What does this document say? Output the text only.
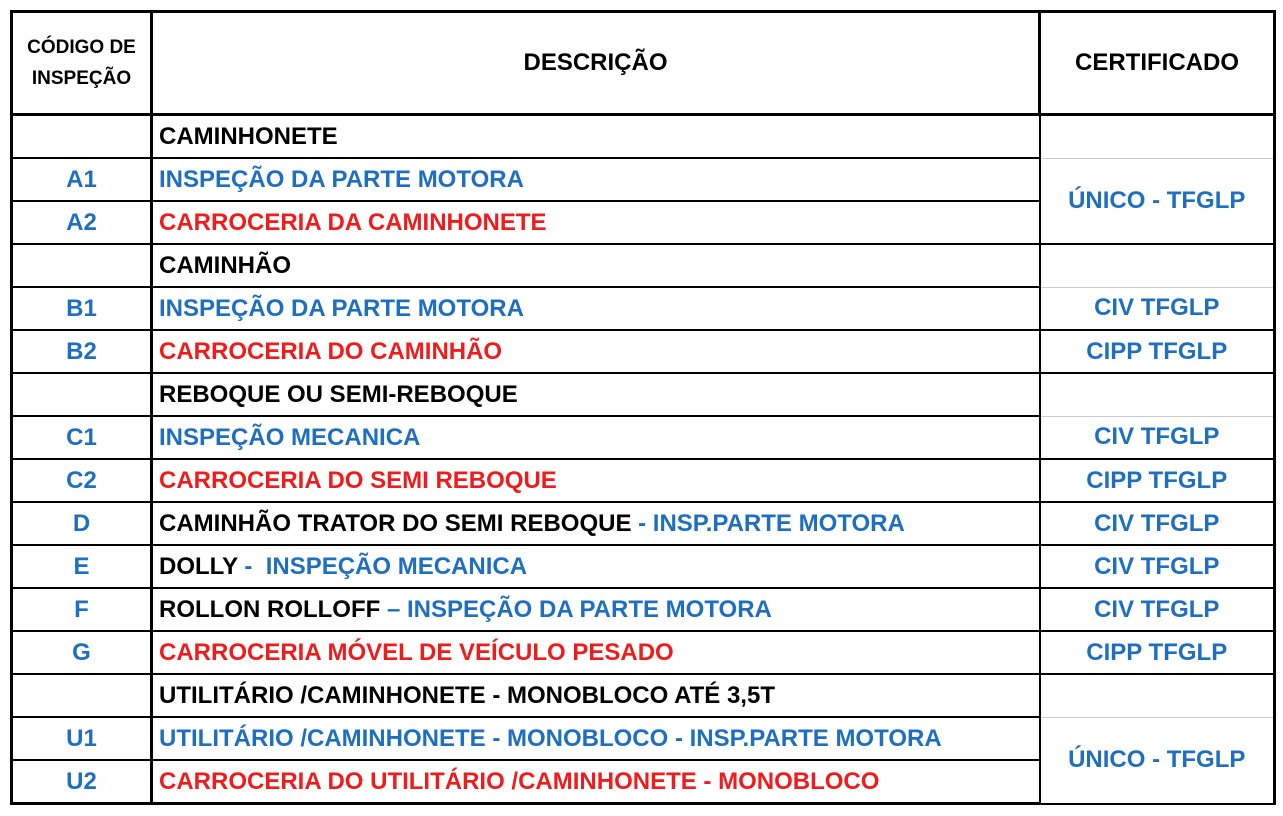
CÓDIGO DE INSPEÇÃO	DESCRIÇÃO	CERTIFICADO
	CAMINHONETE	
A1	INSPEÇÃO DA PARTE MOTORA	ÚNICO - TFGLP
A2	CARROCERIA DA CAMINHONETE	
	CAMINHÃO	
B1	INSPEÇÃO DA PARTE MOTORA	CIV TFGLP
B2	CARROCERIA DO CAMINHÃO	CIPP TFGLP
	REBOQUE OU SEMI-REBOQUE	
C1	INSPEÇÃO MECANICA	CIV TFGLP
C2	CARROCERIA DO SEMI REBOQUE	CIPP TFGLP
D	CAMINHÃO TRATOR DO SEMI REBOQUE - INSP.PARTE MOTORA	CIV TFGLP
E	DOLLY -  INSPEÇÃO MECANICA	CIV TFGLP
F	ROLLON ROLLOFF – INSPEÇÃO DA PARTE MOTORA	CIV TFGLP
G	CARROCERIA MÓVEL DE VEÍCULO PESADO	CIPP TFGLP
	UTILITÁRIO /CAMINHONETE - MONOBLOCO ATÉ 3,5T	
U1	UTILITÁRIO /CAMINHONETE - MONOBLOCO - INSP.PARTE MOTORA	ÚNICO - TFGLP
U2	CARROCERIA DO UTILITÁRIO /CAMINHONETE - MONOBLOCO	
